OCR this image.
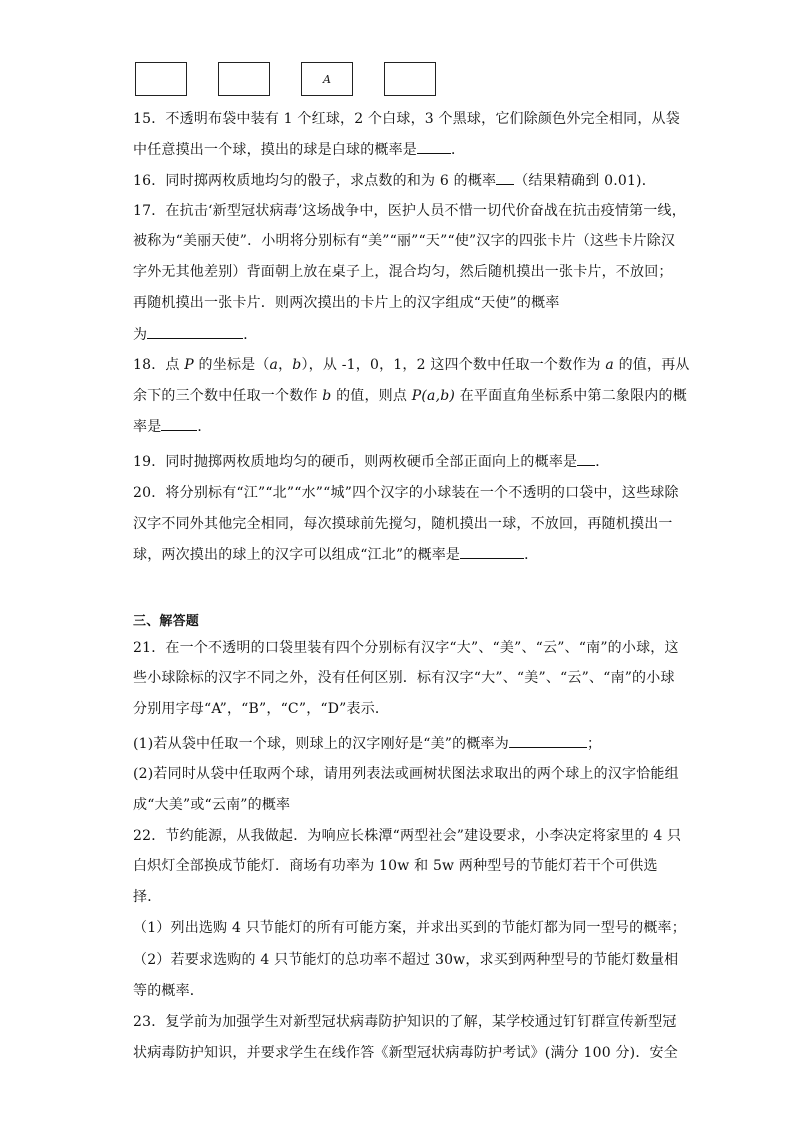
A
15．不透明布袋中装有 1 个红球，2 个白球，3 个黑球，它们除颜色外完全相同，从袋
中任意摸出一个球，摸出的球是白球的概率是 ．
16．同时掷两枚质地均匀的骰子，求点数的和为 6 的概率 （结果精确到 0.01)．
17．在抗击‘新型冠状病毒’这场战争中，医护人员不惜一切代价奋战在抗击疫情第一线，
被称为“美丽天使”．小明将分别标有“美”“丽”“天”“使”汉字的四张卡片（这些卡片除汉
字外无其他差别）背面朝上放在桌子上，混合均匀，然后随机摸出一张卡片，不放回；
再随机摸出一张卡片．则两次摸出的卡片上的汉字组成“天使”的概率
为	．
18．点 P 的坐标是（a，b），从 -1，0，1，2 这四个数中任取一个数作为 a 的值，再从
余下的三个数中任取一个数作 b 的值，则点 P(a,b) 在平面直角坐标系中第二象限内的概
率是	．
19．同时抛掷两枚质地均匀的硬币，则两枚硬币全部正面向上的概率是 ．
20．将分别标有“江”“北”“水”“城”四个汉字的小球装在一个不透明的口袋中，这些球除
汉字不同外其他完全相同，每次摸球前先搅匀，随机摸出一球，不放回，再随机摸出一
球，两次摸出的球上的汉字可以组成“江北”的概率是	．
三、解答题
21．在一个不透明的口袋里装有四个分别标有汉字“大”、“美”、“云”、“南”的小球，这
些小球除标的汉字不同之外，没有任何区别．标有汉字“大”、“美”、“云”、“南”的小球
分别用字母“A”，“B”，“C”，“D”表示．
(1)若从袋中任取一个球，则球上的汉字刚好是“美”的概率为	；
(2)若同时从袋中任取两个球，请用列表法或画树状图法求取出的两个球上的汉字恰能组
成“大美”或“云南”的概率
22．节约能源，从我做起．为响应长株潭“两型社会”建设要求，小李决定将家里的 4 只
白炽灯全部换成节能灯．商场有功率为 10w 和 5w 两种型号的节能灯若干个可供选
择．
（1）列出选购 4 只节能灯的所有可能方案，并求出买到的节能灯都为同一型号的概率；
（2）若要求选购的 4 只节能灯的总功率不超过 30w，求买到两种型号的节能灯数量相
等的概率．
23．复学前为加强学生对新型冠状病毒防护知识的了解，某学校通过钉钉群宣传新型冠
状病毒防护知识，并要求学生在线作答《新型冠状病毒防护考试》(满分 100 分)．安全
